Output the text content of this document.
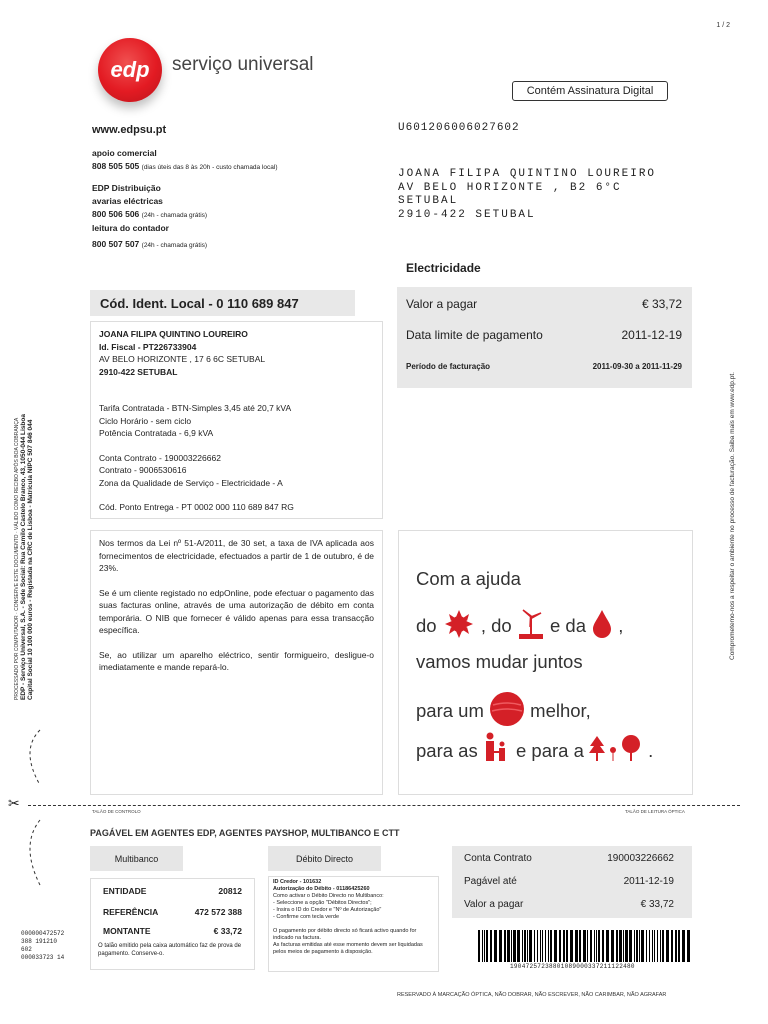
1 / 2
edp serviço universal
Contém Assinatura Digital
www.edpsu.pt
apoio comercial
808 505 505 (dias úteis das 8 às 20h - custo chamada local)
EDP Distribuição
avarias eléctricas
800 506 506 (24h - chamada grátis)
leitura do contador
800 507 507 (24h - chamada grátis)
U601206006027602
JOANA FILIPA QUINTINO LOUREIRO
AV BELO HORIZONTE , B2 6°C
SETUBAL
2910-422 SETUBAL
Electricidade
Cód. Ident. Local - 0 110 689 847
JOANA FILIPA QUINTINO LOUREIRO
Id. Fiscal - PT226733904
AV BELO HORIZONTE , 17 6 6C SETUBAL
2910-422 SETUBAL
Tarifa Contratada - BTN-Simples 3,45 até 20,7 kVA
Ciclo Horário - sem ciclo
Potência Contratada - 6,9 kVA
Conta Contrato - 190003226662
Contrato - 9006530616
Zona da Qualidade de Serviço - Electricidade - A
Cód. Ponto Entrega - PT 0002 000 110 689 847 RG
Valor a pagar	€ 33,72
Data limite de pagamento	2011-12-19
Período de facturação	2011-09-30 a 2011-11-29

Nos termos da Lei nº 51-A/2011, de 30 set, a taxa de IVA aplicada aos fornecimentos de electricidade, efectuados a partir de 1 de outubro, é de 23%.

Se é um cliente registado no edpOnline, pode efectuar o pagamento das suas facturas online, através de uma autorização de débito em conta temporária. O NIB que fornecer é válido apenas para essa transacção específica.

Se, ao utilizar um aparelho eléctrico, sentir formigueiro, desligue-o imediatamente e mande repará-lo.

Com a ajuda
do , do e da ,
vamos mudar juntos
para um	melhor,
para as e para a	.
PROCESSADO POR COMPUTADOR · CONSERVE ESTE DOCUMENTO · VÁLIDO COMO RECIBO APÓS BOA COBRANÇA EDP - Serviço Universal, S.A. - Sede Social: Rua Camilo Castelo Branco, 43, 1050-044 Lisboa Capital Social 10 100 000 euros - Registada na CRC de Lisboa - Matrícula NIPC 507 846 044	Comprometemo-nos a respeitar o ambiente no processo de facturação. Saiba mais em www.edp.pt.
✂
TALÃO DE CONTROLO	TALÃO DE LEITURA ÓPTICA
PAGÁVEL EM AGENTES EDP, AGENTES PAYSHOP, MULTIBANCO E CTT
Multibanco	Débito Directo
ENTIDADE	20812
REFERÊNCIA	472 572 388
MONTANTE	€ 33,72
O talão emitido pela caixa automático faz de prova de pagamento. Conserve-o.
ID Credor - 101632
Autorização do Débito - 01186425260
Como activar o Débito Directo no Multibanco:
- Seleccione a opção "Débitos Directos";
- Insira o ID do Credor e "Nº de Autorização"
- Confirme com tecla verde
O pagamento por débito directo só ficará activo quando for indicado na factura.
As facturas emitidas até esse momento devem ser liquidadas pelos meios de pagamento à disposição.
Conta Contrato	190003226662
Pagável até	2011-12-19
Valor a pagar	€ 33,72
000000472572
388 191210
602
000033723 14
19047257238801089000337211122480
RESERVADO À MARCAÇÃO ÓPTICA, NÃO DOBRAR, NÃO ESCREVER, NÃO CARIMBAR, NÃO AGRAFAR
